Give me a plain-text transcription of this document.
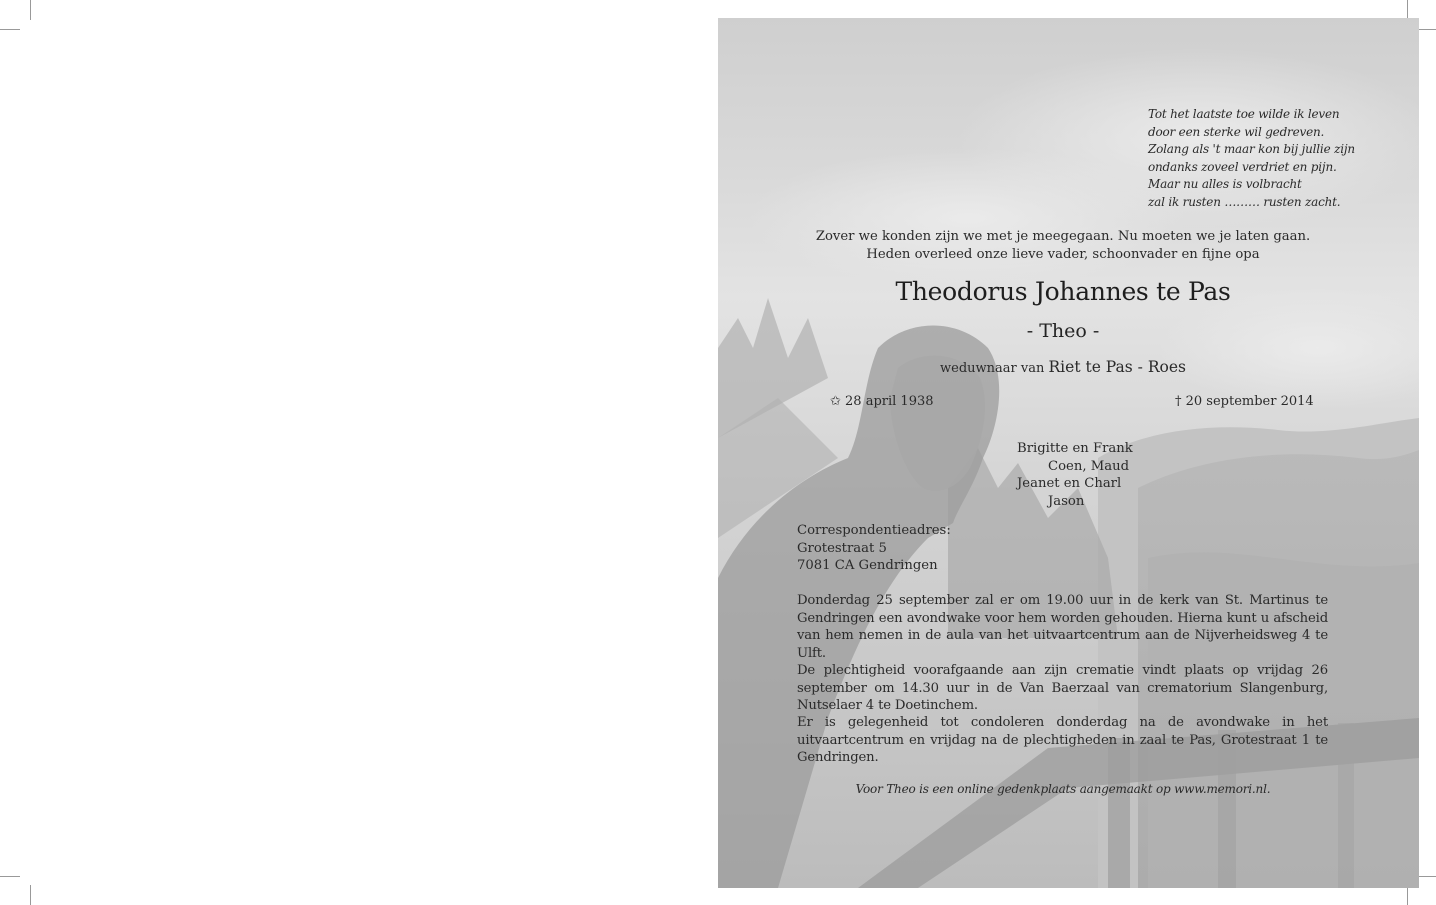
Tot het laatste toe wilde ik leven
door een sterke wil gedreven.
Zolang als 't maar kon bij jullie zijn
ondanks zoveel verdriet en pijn.
Maar nu alles is volbracht
zal ik rusten ……… rusten zacht.
Zover we konden zijn we met je meegegaan. Nu moeten we je laten gaan.
Heden overleed onze lieve vader, schoonvader en fijne opa
Theodorus Johannes te Pas
- Theo -
weduwnaar van Riet te Pas - Roes
✩ 28 april 1938	† 20 september 2014
Brigitte en Frank
Coen, Maud
Jeanet en Charl
Jason
Correspondentieadres:
Grotestraat 5
7081 CA Gendringen
Donderdag 25 september zal er om 19.00 uur in de kerk van St. Martinus te Gendringen een avondwake voor hem worden gehouden. Hierna kunt u afscheid van hem nemen in de aula van het uitvaartcentrum aan de Nijverheidsweg 4 te Ulft.
De plechtigheid voorafgaande aan zijn crematie vindt plaats op vrijdag 26 september om 14.30 uur in de Van Baerzaal van crematorium Slangenburg, Nutselaer 4 te Doetinchem.
Er is gelegenheid tot condoleren donderdag na de avondwake in het uitvaartcentrum en vrijdag na de plechtigheden in zaal te Pas, Grotestraat 1 te Gendringen.
Voor Theo is een online gedenkplaats aangemaakt op www.memori.nl.
